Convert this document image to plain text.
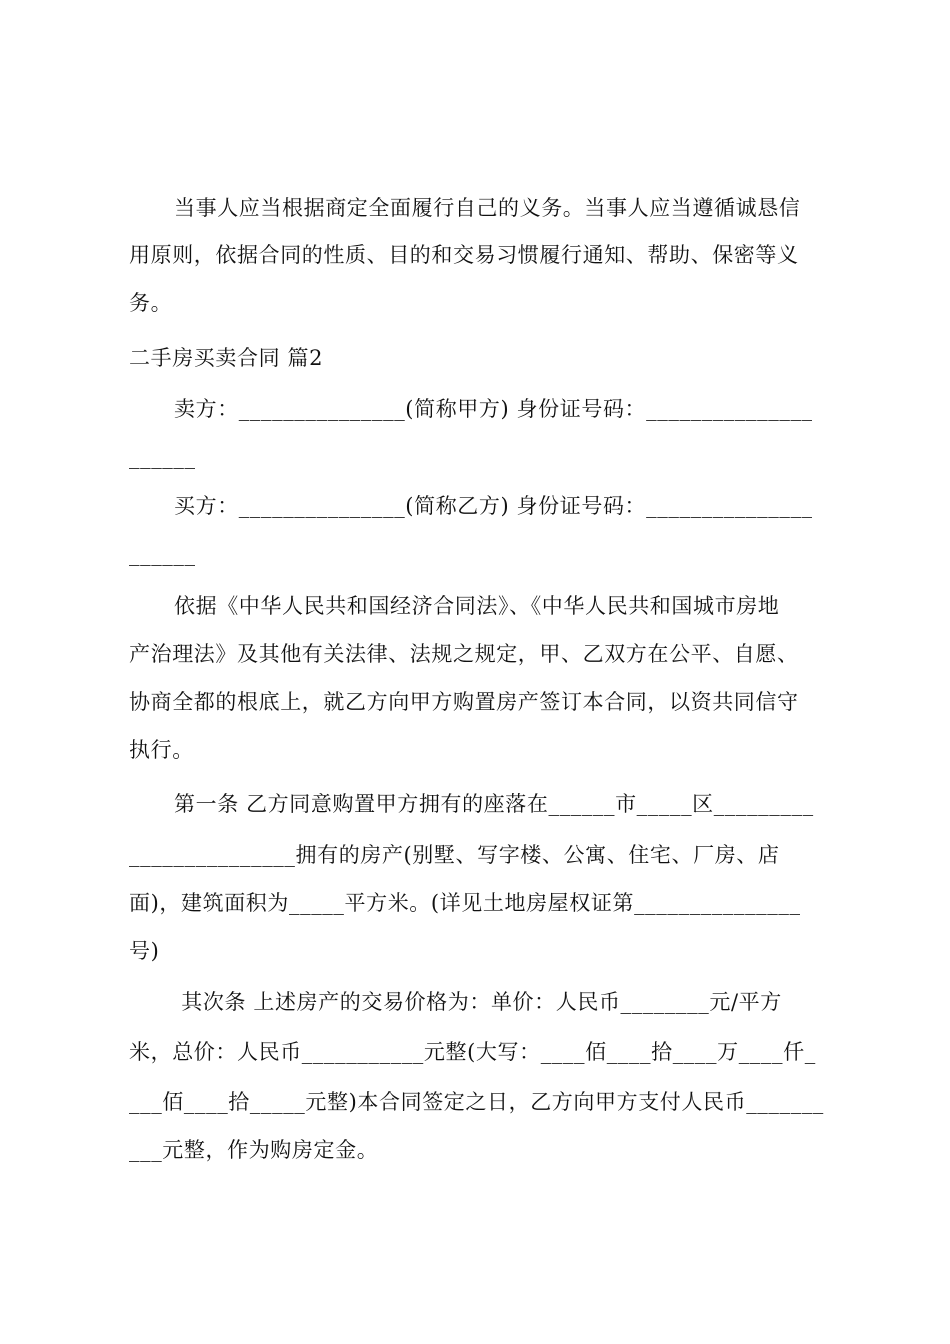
当事人应当根据商定全面履行自己的义务。当事人应当遵循诚恳信
用原则，依据合同的性质、目的和交易习惯履行通知、帮助、保密等义
务。
二手房买卖合同 篇2
卖方：_______________(简称甲方) 身份证号码：_______________
______
买方：_______________(简称乙方) 身份证号码：_______________
______
依据《中华人民共和国经济合同法》、《中华人民共和国城市房地
产治理法》及其他有关法律、法规之规定，甲、乙双方在公平、自愿、
协商全都的根底上，就乙方向甲方购置房产签订本合同，以资共同信守
执行。
第一条 乙方同意购置甲方拥有的座落在______市_____区_________
_______________拥有的房产(别墅、写字楼、公寓、住宅、厂房、店
面)，建筑面积为_____平方米。(详见土地房屋权证第_______________
号)
其次条 上述房产的交易价格为：单价：人民币________元/平方
米，总价：人民币___________元整(大写：____佰____拾____万____仟_
___佰____拾_____元整)本合同签定之日，乙方向甲方支付人民币_______
___元整，作为购房定金。
